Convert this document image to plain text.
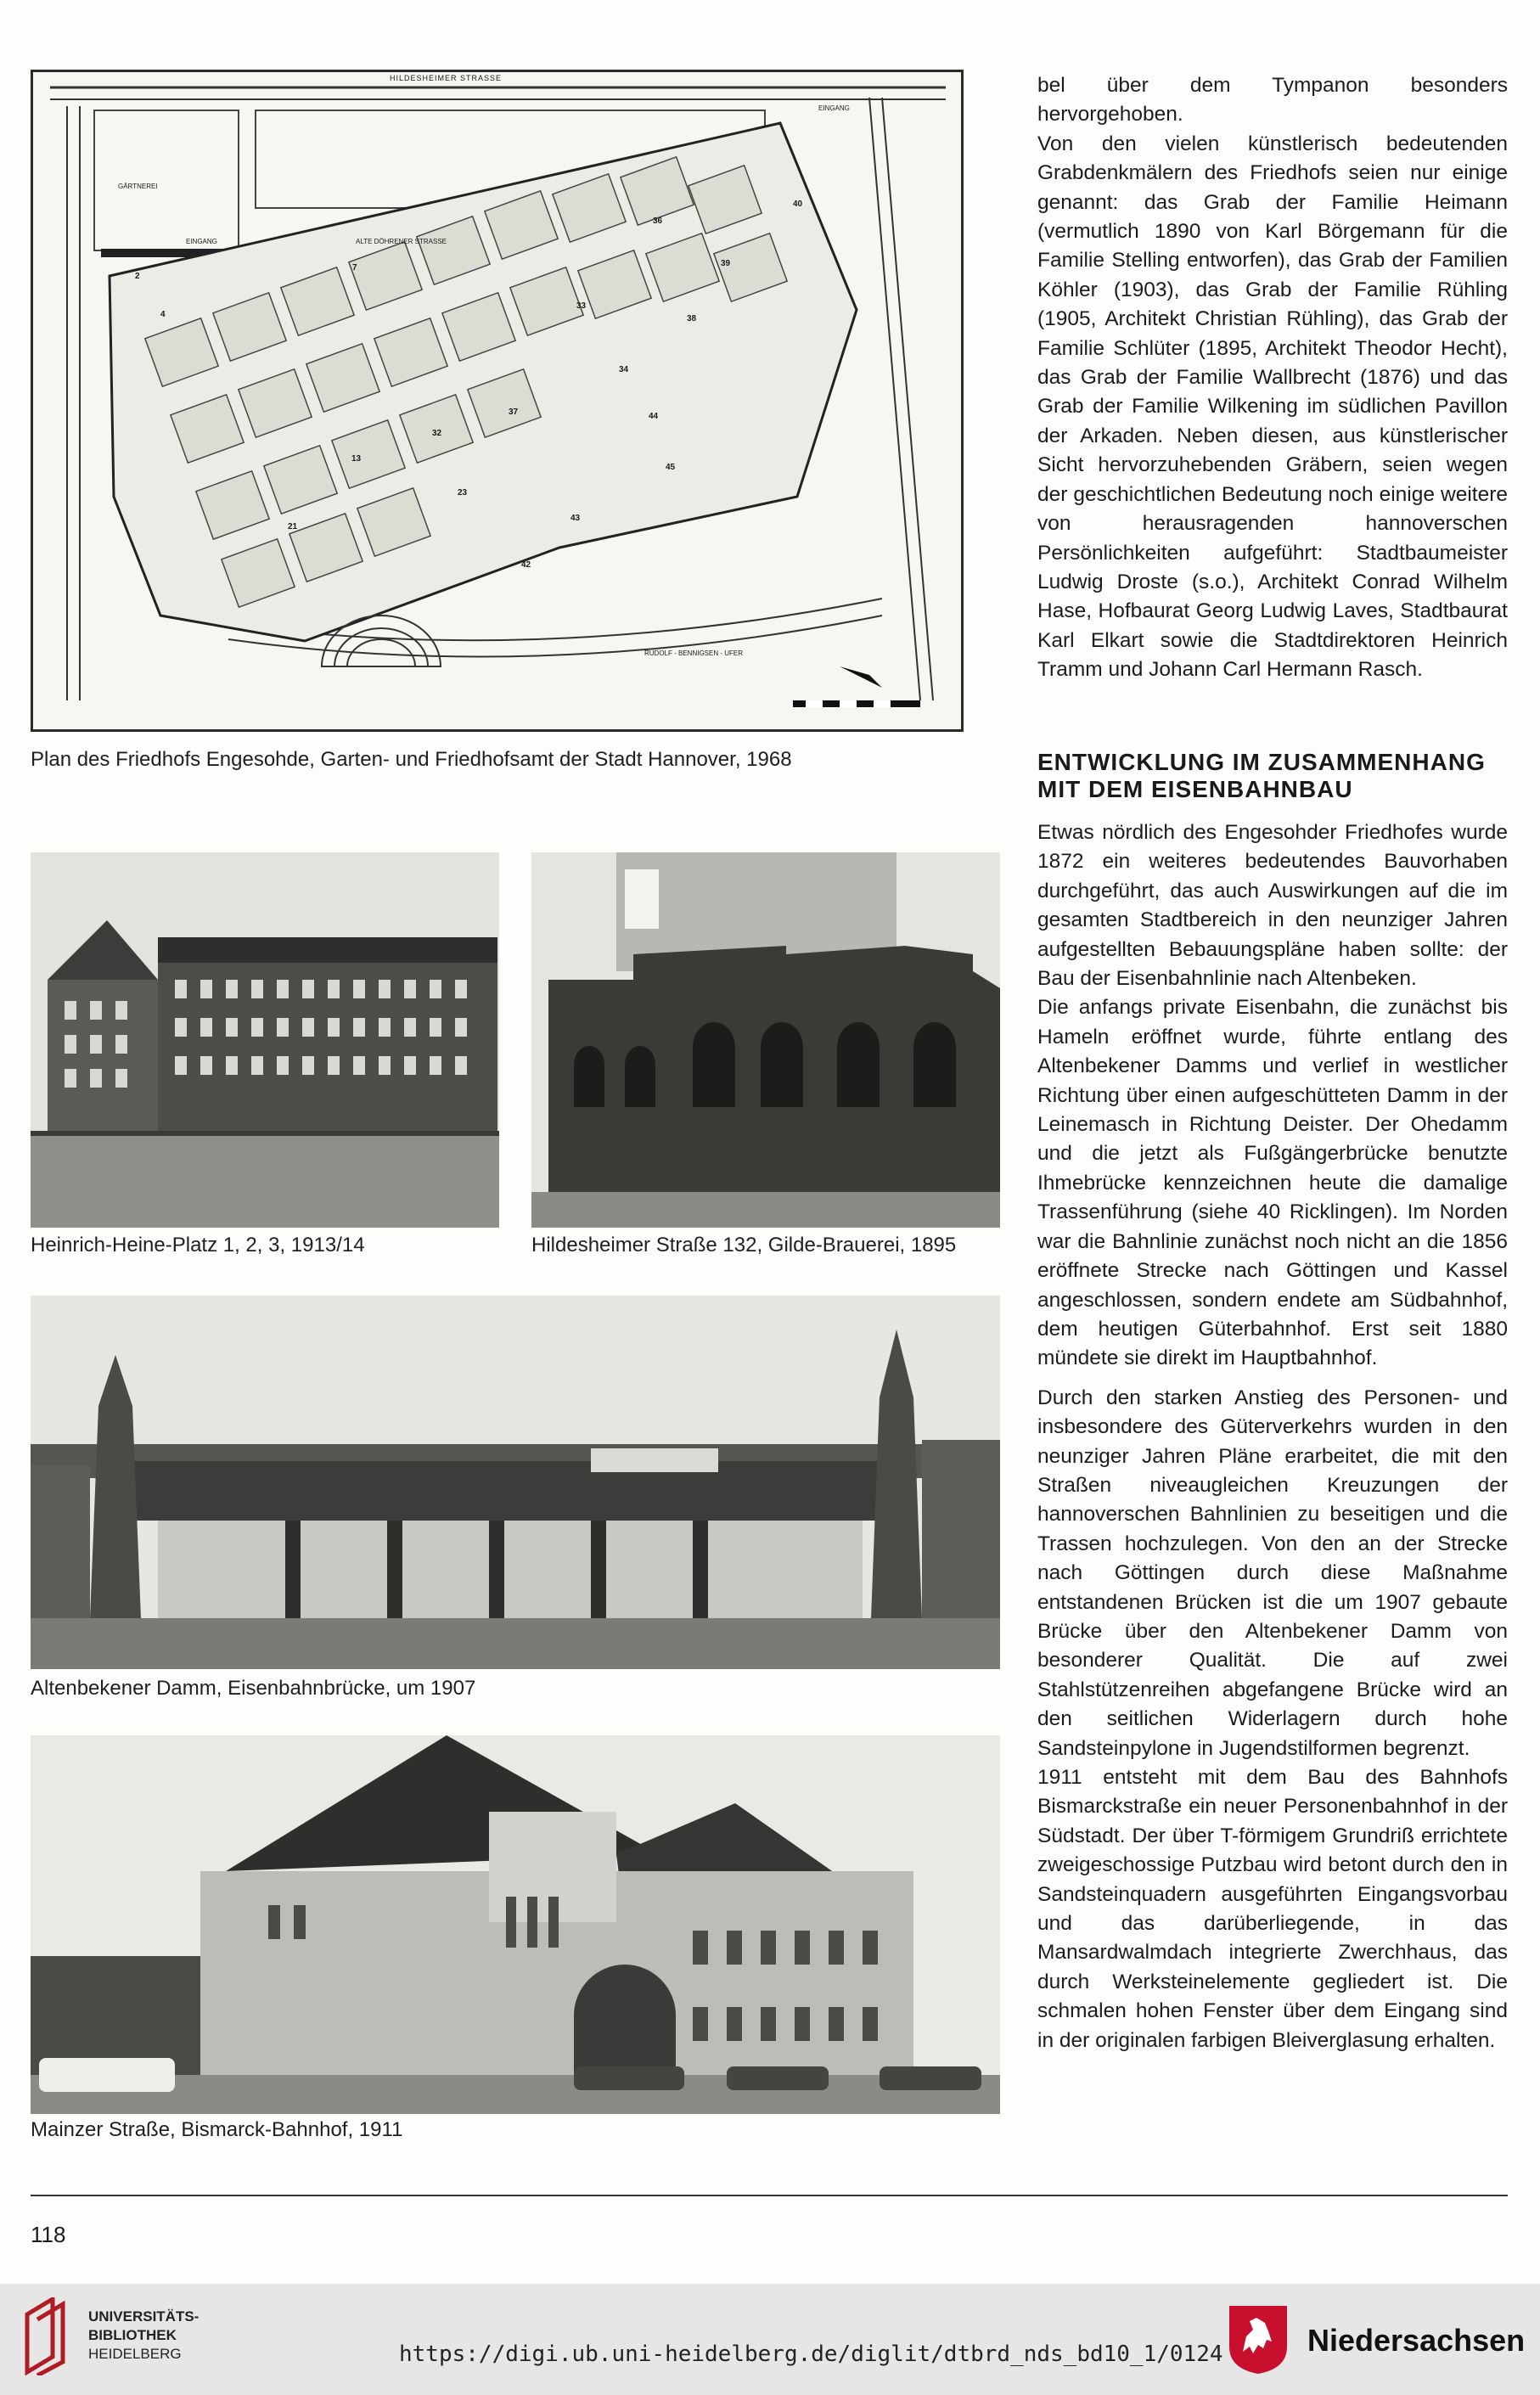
HILDESHEIMER STRASSE
GÄRTNEREI
EINGANG	ALTE DÖHRENER STRASSE
EINGANG
RUDOLF - BENNIGSEN - UFER
2
4
7
13
21
23
32
33
34
36
37
38
39
40
42
43
44
45
Plan des Friedhofs Engesohde, Garten- und Friedhofsamt der Stadt Hannover, 1968
Heinrich-Heine-Platz 1, 2, 3, 1913/14	Hildesheimer Straße 132, Gilde-Brauerei, 1895
Altenbekener Damm, Eisenbahnbrücke, um 1907
Mainzer Straße, Bismarck-Bahnhof, 1911

bel über dem Tympanon besonders hervorgehoben.

Von den vielen künstlerisch bedeutenden Grabdenkmälern des Friedhofs seien nur einige genannt: das Grab der Familie Heimann (vermutlich 1890 von Karl Börgemann für die Familie Stelling entworfen), das Grab der Familien Köhler (1903), das Grab der Familie Rühling (1905, Architekt Christian Rühling), das Grab der Familie Schlüter (1895, Architekt Theodor Hecht), das Grab der Familie Wallbrecht (1876) und das Grab der Familie Wilkening im südlichen Pavillon der Arkaden. Neben diesen, aus künstlerischer Sicht hervorzuhebenden Gräbern, seien wegen der geschichtlichen Bedeutung noch einige weitere von herausragenden hannoverschen Persönlichkeiten aufgeführt: Stadtbaumeister Ludwig Droste (s.o.), Architekt Conrad Wilhelm Hase, Hofbaurat Georg Ludwig Laves, Stadtbaurat Karl Elkart sowie die Stadtdirektoren Heinrich Tramm und Johann Carl Hermann Rasch.

ENTWICKLUNG IM ZUSAMMENHANG MIT DEM EISENBAHNBAU

Etwas nördlich des Engesohder Friedhofes wurde 1872 ein weiteres bedeutendes Bauvorhaben durchgeführt, das auch Auswirkungen auf die im gesamten Stadtbereich in den neunziger Jahren aufgestellten Bebauungspläne haben sollte: der Bau der Eisenbahnlinie nach Altenbeken.

Die anfangs private Eisenbahn, die zunächst bis Hameln eröffnet wurde, führte entlang des Altenbekener Damms und verlief in westlicher Richtung über einen aufgeschütteten Damm in der Leinemasch in Richtung Deister. Der Ohedamm und die jetzt als Fußgängerbrücke benutzte Ihmebrücke kennzeichnen heute die damalige Trassenführung (siehe 40 Ricklingen). Im Norden war die Bahnlinie zunächst noch nicht an die 1856 eröffnete Strecke nach Göttingen und Kassel angeschlossen, sondern endete am Südbahnhof, dem heutigen Güterbahnhof. Erst seit 1880 mündete sie direkt im Hauptbahnhof.

Durch den starken Anstieg des Personen- und insbesondere des Güterverkehrs wurden in den neunziger Jahren Pläne erarbeitet, die mit den Straßen niveaugleichen Kreuzungen der hannoverschen Bahnlinien zu beseitigen und die Trassen hochzulegen. Von den an der Strecke nach Göttingen durch diese Maßnahme entstandenen Brücken ist die um 1907 gebaute Brücke über den Altenbekener Damm von besonderer Qualität. Die auf zwei Stahlstützenreihen abgefangene Brücke wird an den seitlichen Widerlagern durch hohe Sandsteinpylone in Jugendstilformen begrenzt.

1911 entsteht mit dem Bau des Bahnhofs Bismarckstraße ein neuer Personenbahnhof in der Südstadt. Der über T-förmigem Grundriß errichtete zweigeschossige Putzbau wird betont durch den in Sandsteinquadern ausgeführten Eingangsvorbau und das darüberliegende, in das Mansardwalmdach integrierte Zwerchhaus, das durch Werksteinelemente gegliedert ist. Die schmalen hohen Fenster über dem Eingang sind in der originalen farbigen Bleiverglasung erhalten.

118
UNIVERSITÄTS-
BIBLIOTHEK
HEIDELBERG	https://digi.ub.uni-heidelberg.de/diglit/dtbrd_nds_bd10_1/0124	Niedersachsen
